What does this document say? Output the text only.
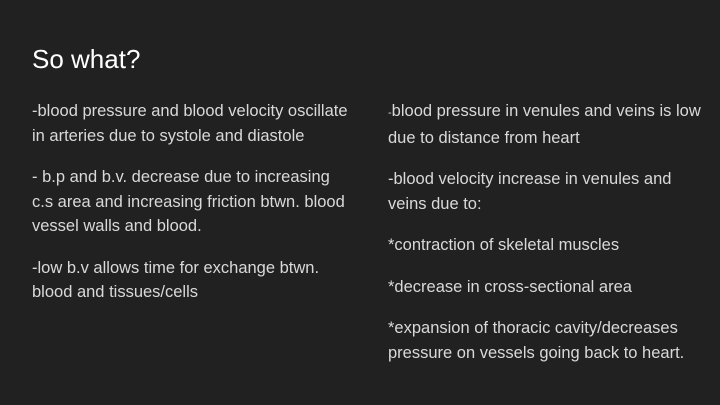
So what?

-blood pressure and blood velocity oscillate in arteries due to systole and diastole

- b.p and b.v. decrease due to increasing c.s area and increasing friction btwn. blood vessel walls and blood.

-low b.v allows time for exchange btwn. blood and tissues/cells

-blood pressure in venules and veins is low due to distance from heart

-blood velocity increase in venules and veins due to:

*contraction of skeletal muscles

*decrease in cross-sectional area

*expansion of thoracic cavity/decreases pressure on vessels going back to heart.
